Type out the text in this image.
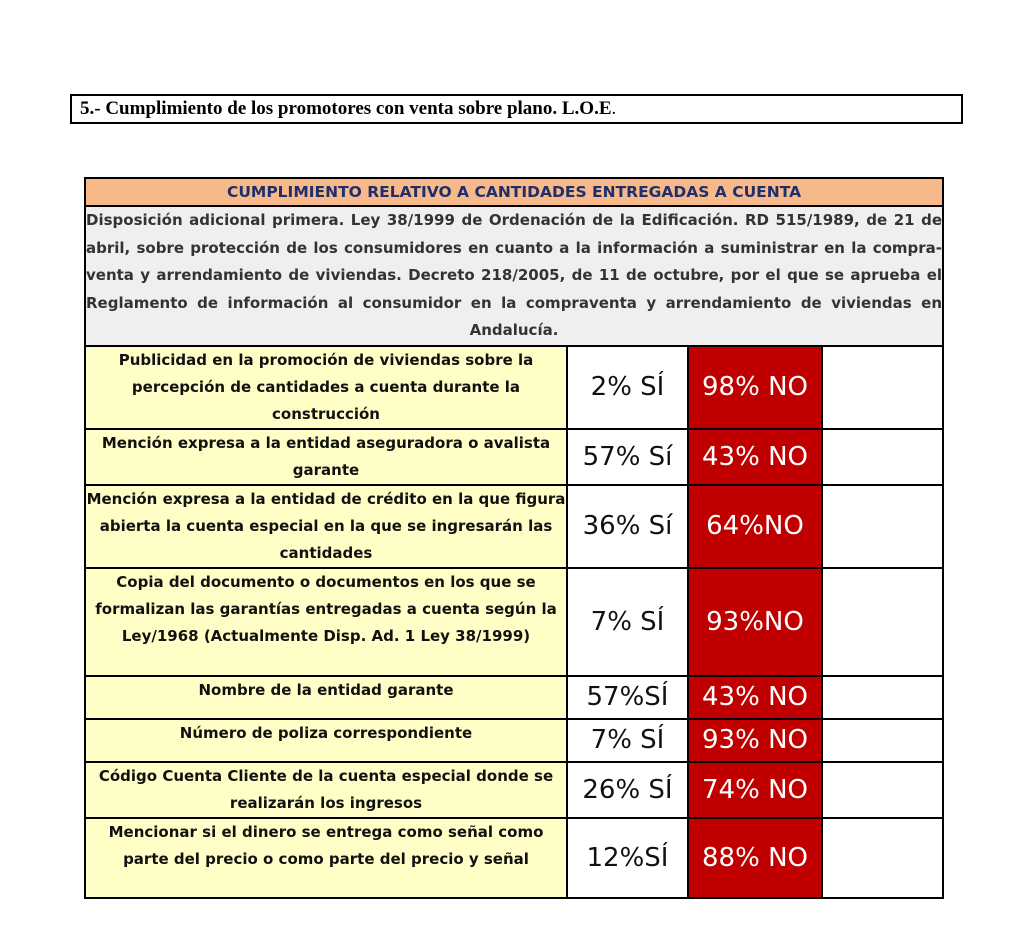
5.- Cumplimiento de los promotores con venta sobre plano. L.O.E.
CUMPLIMIENTO RELATIVO A CANTIDADES ENTREGADAS A CUENTA			

Disposición adicional primera. Ley 38/1999 de Ordenación de la Edificación. RD 515/1989, de 21 de abril, sobre protección de los consumidores en cuanto a la información a suministrar en la compra-venta y arrendamiento de viviendas. Decreto 218/2005, de 11 de octubre, por el que se aprueba el Reglamento de información al consumidor en la compraventa y arrendamiento de viviendas en Andalucía.			

Publicidad en la promoción de viviendas sobre la percepción de cantidades a cuenta durante la construcción	2% SÍ	98% NO	
Mención expresa a la entidad aseguradora o avalista garante	57% Sí	43% NO	
Mención expresa a la entidad de crédito en la que figura abierta la cuenta especial en la que se ingresarán las cantidades	36% Sí	64%NO	
Copia del documento o documentos en los que se formalizan las garantías entregadas a cuenta según la Ley/1968 (Actualmente Disp. Ad. 1 Ley 38/1999)	7% SÍ	93%NO	
Nombre de la entidad garante	57%SÍ	43% NO	
Número de poliza correspondiente	7% SÍ	93% NO	
Código Cuenta Cliente de la cuenta especial donde se realizarán los ingresos	26% SÍ	74% NO	
Mencionar si el dinero se entrega como señal como parte del precio o como parte del precio y señal	12%SÍ	88% NO	
